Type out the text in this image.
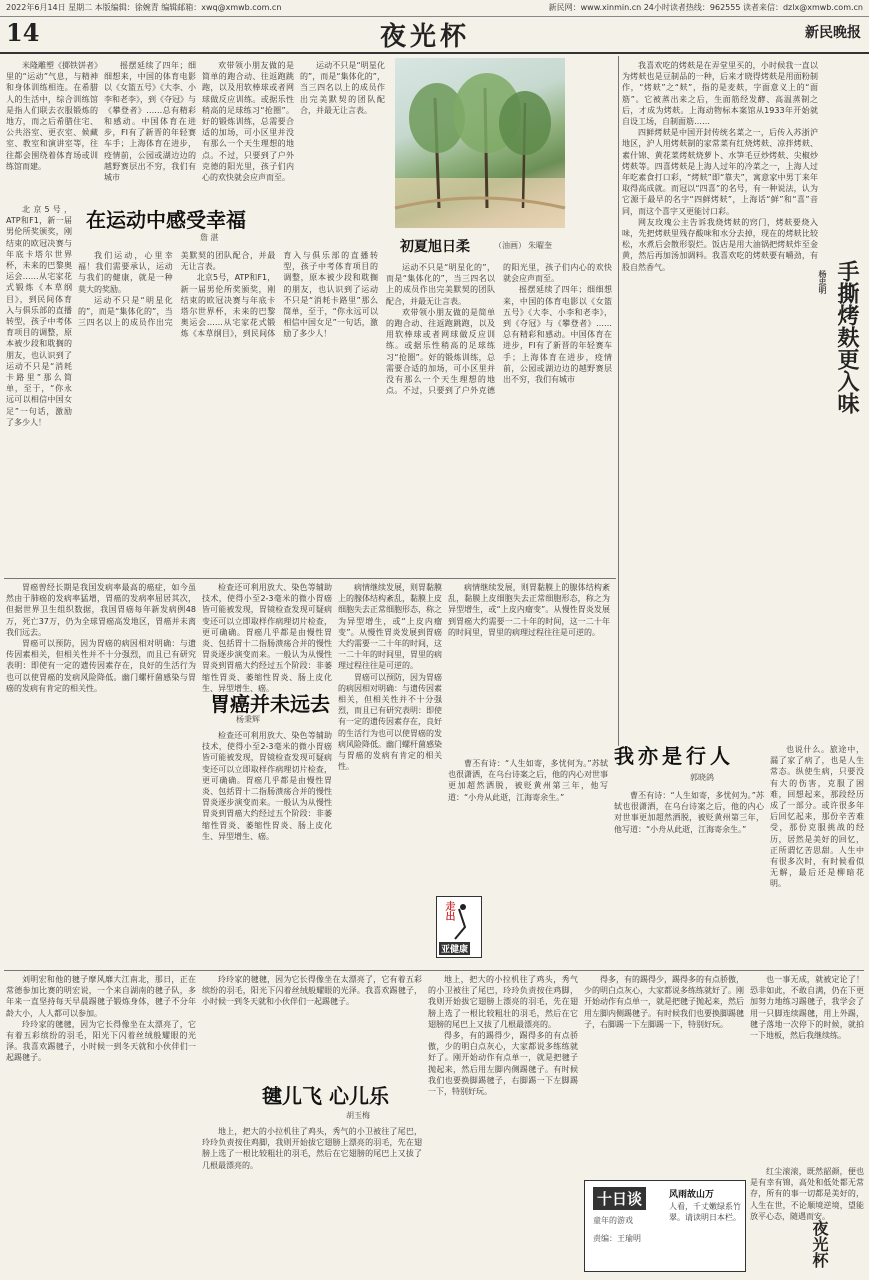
2022年6月14日 星期二 本版编辑：徐婉青 编辑邮箱：xwq@xmwb.com.cn	新民网：www.xinmin.cn 24小时读者热线：962555 读者来信：dzlx@xmwb.com.cn
14	夜光杯	新民晚报

米隆雕塑《掷铁饼者》里的“运动”气息，与精神和身体训练相连。在希腊人的生活中，综合训练馆是指人们联去衣服锻炼的地方，而之后希腊住宅、公共浴室、更衣室、候藏室、教室和演讲室等，往往都会围绕着体育场或训练馆而建。

北京5号，ATP和F1，新一届男伦所奖颁奖，刚结束的欧冠决赛与年底卡塔尔世界杯，未来的巴黎奥运会……从宅家花式锻炼《本草纲目》，到民间体育入与俱乐部的直播转型，孩子中考体育项目的调整，原本被少段和耽搁的朋友，也认识到了运动不只是“消耗卡路里”那么简单，至于，“你永远可以相信中国女足”一句话，激励了多少人！

摇摆延续了四年；细细想来，中国的体育电影以《女篮五号》《大李、小李和老李》，到《夺冠》与《攀登者》……总有精彩和感动。中国体育在进步，FI有了新晋的年轻赛车手；上海体育在进步，疫情前，公园或湖边边的越野赛层出不穷，我们有城市

欢带领小朋友做的是简单的跑合动、往返跑跳跑，以及用软棒球或者网球做反应训练。或据乐性稍高的足球练习“抢圈”。好的锻炼训练，总需要合适的加场，可小区里并没有那么一个天生理想的地点。不过，只要到了户外克德的阳光里，孩子们内心的欢快就会应声而至。

在运动中感受幸福
詹 湛

我们运动，心里幸福！我们需要承认，运动与我们的健康，就是一种莫大的奖励。

运动不只是“明星化的”，而是“集体化的”，当三四名以上的成员作出完美默契的团队配合，并最无让言表。

北京5号，ATP和F1，新一届男伦所奖颁奖，刚结束的欧冠决赛与年底卡塔尔世界杯，未来的巴黎奥运会……从宅家花式锻炼《本草纲目》，到民间体育入与俱乐部的直播转型，孩子中考体育项目的调整，原本被少段和耽搁的朋友，也认识到了运动不只是“消耗卡路里”那么简单，至于，“你永远可以相信中国女足”一句话，激励了多少人！

运动不只是“明星化的”，而是“集体化的”，当三四名以上的成员作出完美默契的团队配合，并最无让言表。

初夏旭日柔	（油画） 朱曜奎

运动不只是“明星化的”，而是“集体化的”，当三四名以上的成员作出完美默契的团队配合，并最无让言表。

欢带领小朋友做的是简单的跑合动、往返跑跳跑，以及用软棒球或者网球做反应训练。或据乐性稍高的足球练习“抢圈”。好的锻炼训练，总需要合适的加场，可小区里并没有那么一个天生理想的地点。不过，只要到了户外克德的阳光里，孩子们内心的欢快就会应声而至。

摇摆延续了四年；细细想来，中国的体育电影以《女篮五号》《大李、小李和老李》，到《夺冠》与《攀登者》……总有精彩和感动。中国体育在进步，FI有了新晋的年轻赛车手；上海体育在进步，疫情前，公园或湖边边的越野赛层出不穷，我们有城市

我喜欢吃的烤麸是在弄堂里买的，小时候我一直以为烤麸也是豆制品的一种，后来才晓得烤麸是用面粉制作，“烤麸”之“麸”，指的是麦麸，字面意义上的“面筋”。它被蒸出来之后，生面筋经发酵、高温蒸制之后，才成为烤麸。上海动物标本案馆从1933年开始就自设工场，自制面筋……

四鲜烤麸是中国开封传统名菜之一，后传入苏浙沪地区，沪人用烤麸制的家常菜有红烧烤麸、凉拌烤麸、素什锦、黄花菜烤麸烧萝卜、水笋毛豆炒烤麸、尖椒炒烤麸等。四喜烤麸是上海人过年的冷菜之一，上海人过年吃素食打口彩，“烤麸”即“靠夫”，寓意家中男丁来年取得高成就。而冠以“四喜”的名号，有一种说法，认为它源于最早的名字“四鲜烤麸”，上海话“鲜”和“喜”音同，而这个喜字又更能讨口彩。

网友玫瑰公主告诉我烧烤麸的窍门，烤麸要烧入味，先把烤麸里残存酸味和水分去掉，现在的烤麸比较松，水煮后会散形裂烂。饭店是用大油锅把烤麸炸至金黄，然后再加汤加调料。我喜欢吃的烤麸要有嚼劲，有股自然香气。	手撕烤麸更入味
杨忠明

胃癌曾经长期是我国发病率最高的癌症，如今虽然由于肺癌的发病率猛增，胃癌的发病率屈居其次，但据世界卫生组织数据，我国胃癌每年新发病例48万，死亡37万，仍为全球胃癌高发地区，胃癌并未离我们远去。

胃癌可以预防，因为胃癌的病因相对明确：与遗传因素相关，但相关性并不十分强烈，而且已有研究表明：即使有一定的遗传因素存在，良好的生活行为也可以使胃癌的发病风险降低。幽门螺杆菌感染与胃癌的发病有肯定的相关性。

检查还可利用放大、染色等辅助技术，使得小至2-3毫米的微小胃癌皆可能被发现，胃镜检查发现可疑病变还可以立即取样作病理切片检查，更可确确。胃癌几乎都是由慢性胃炎、包括胃十二指肠溃疡合并的慢性胃炎逐步演变而来。一般认为从慢性胃炎到胃癌大约经过五个阶段：非萎缩性胃炎、萎缩性胃炎、肠上皮化生、异型增生、癌。

胃癌并未远去
杨秉辉

检查还可利用放大、染色等辅助技术，使得小至2-3毫米的微小胃癌皆可能被发现，胃镜检查发现可疑病变还可以立即取样作病理切片检查，更可确确。胃癌几乎都是由慢性胃炎、包括胃十二指肠溃疡合并的慢性胃炎逐步演变而来。一般认为从慢性胃炎到胃癌大约经过五个阶段：非萎缩性胃炎、萎缩性胃炎、肠上皮化生、异型增生、癌。

病情继续发展，则胃黏膜上的腺体结构紊乱，黏膜上皮细胞失去正常细胞形态，称之为异型增生，或“上皮内瘤变”。从慢性胃炎发展到胃癌大约需要一二十年的时间，这一二十年的时间里，胃里的病理过程往往是可逆的。

胃癌可以预防，因为胃癌的病因相对明确：与遗传因素相关，但相关性并不十分强烈，而且已有研究表明：即使有一定的遗传因素存在，良好的生活行为也可以使胃癌的发病风险降低。幽门螺杆菌感染与胃癌的发病有肯定的相关性。

病情继续发展，则胃黏膜上的腺体结构紊乱，黏膜上皮细胞失去正常细胞形态，称之为异型增生，或“上皮内瘤变”。从慢性胃炎发展到胃癌大约需要一二十年的时间，这一二十年的时间里，胃里的病理过程往往是可逆的。

走出
亚健康

曹丕有诗：“人生如寄，多忧何为。”苏轼也很潇洒，在乌台诗案之后，他的内心对世事更加超然洒脱，被贬黄州第三年，他写道：“小舟从此逝，江海寄余生。”

我亦是行人
郭晓鸽

曹丕有诗：“人生如寄，多忧何为。”苏轼也很潇洒，在乌台诗案之后，他的内心对世事更加超然洒脱，被贬黄州第三年，他写道：“小舟从此逝，江海寄余生。”

也说什么。旅途中，漏了家了病了，也是人生常态。纵使生病，只要没有大的伤害，克服了困难，回想起来，那段经历成了一部分。或许很多年后回忆起来，那份辛苦难受，那份克服挑战的经历，居然是美好的回忆，正所谓忆苦思甜。人生中有很多次时，有时候看似无解，最后还是柳暗花明。

刘明宏和他的毽子摩风靡大江南北，那日，正在常德参加比赛的明宏说，一个来自湖南的毽子队，多年来一直坚持每天早晨踢毽子锻炼身体，毽子不分年龄大小，人人都可以参加。

玲玲家的毽毽，因为它长得像坐在太漂亮了，它有着五彩缤纷的羽毛，阳光下闪着丝绒般耀眼的光泽。我喜欢踢毽子，小时候一到冬天就和小伙伴们一起踢毽子。

玲玲家的毽毽，因为它长得像坐在太漂亮了，它有着五彩缤纷的羽毛，阳光下闪着丝绒般耀眼的光泽。我喜欢踢毽子，小时候一到冬天就和小伙伴们一起踢毽子。

毽儿飞 心儿乐
胡玉梅

地上，把大的小拉机往了鸡头，秀气的小卫被往了尾巴，玲玲负责按住鸡脚，我则开始拔它翅膀上漂亮的羽毛，先在翅膀上选了一根比较粗壮的羽毛，然后在它翅膀的尾巴上又拔了几根最漂亮的。

地上，把大的小拉机往了鸡头，秀气的小卫被往了尾巴，玲玲负责按住鸡脚，我则开始拔它翅膀上漂亮的羽毛，先在翅膀上选了一根比较粗壮的羽毛，然后在它翅膀的尾巴上又拔了几根最漂亮的。

得多，有的踢得少，踢得多的有点骄傲，少的明白点灰心，大家都说多练练就好了。刚开始动作有点单一，就是把毽子抛起来，然后用左脚内侧踢毽子。有时候我们也要换脚踢毽子，右脚踢一下左脚踢一下，特别好玩。

得多，有的踢得少，踢得多的有点骄傲，少的明白点灰心，大家都说多练练就好了。刚开始动作有点单一，就是把毽子抛起来，然后用左脚内侧踢毽子。有时候我们也要换脚踢毽子，右脚踢一下左脚踢一下，特别好玩。

也一事无成，就被定论了！恐非如此，不敢自满，仍在下更加努力地练习踢毽子，我学会了用一只脚连续踢毽，用上外踢，毽子落地一次停下的时候，就拍一下地板，然后我继续练。

红尘滚滚，既然韶颜，便也是有幸有锦，高处和低处都无常存，所有的事一切都是美好的，人生在世，不论顺境逆境，望能放平心态，随遇而安。

十日谈
童年的游戏
责编：王瑜明
风雨故山万
人看，千丈嫩绿系竹翠。请读明日本栏。
夜光杯
